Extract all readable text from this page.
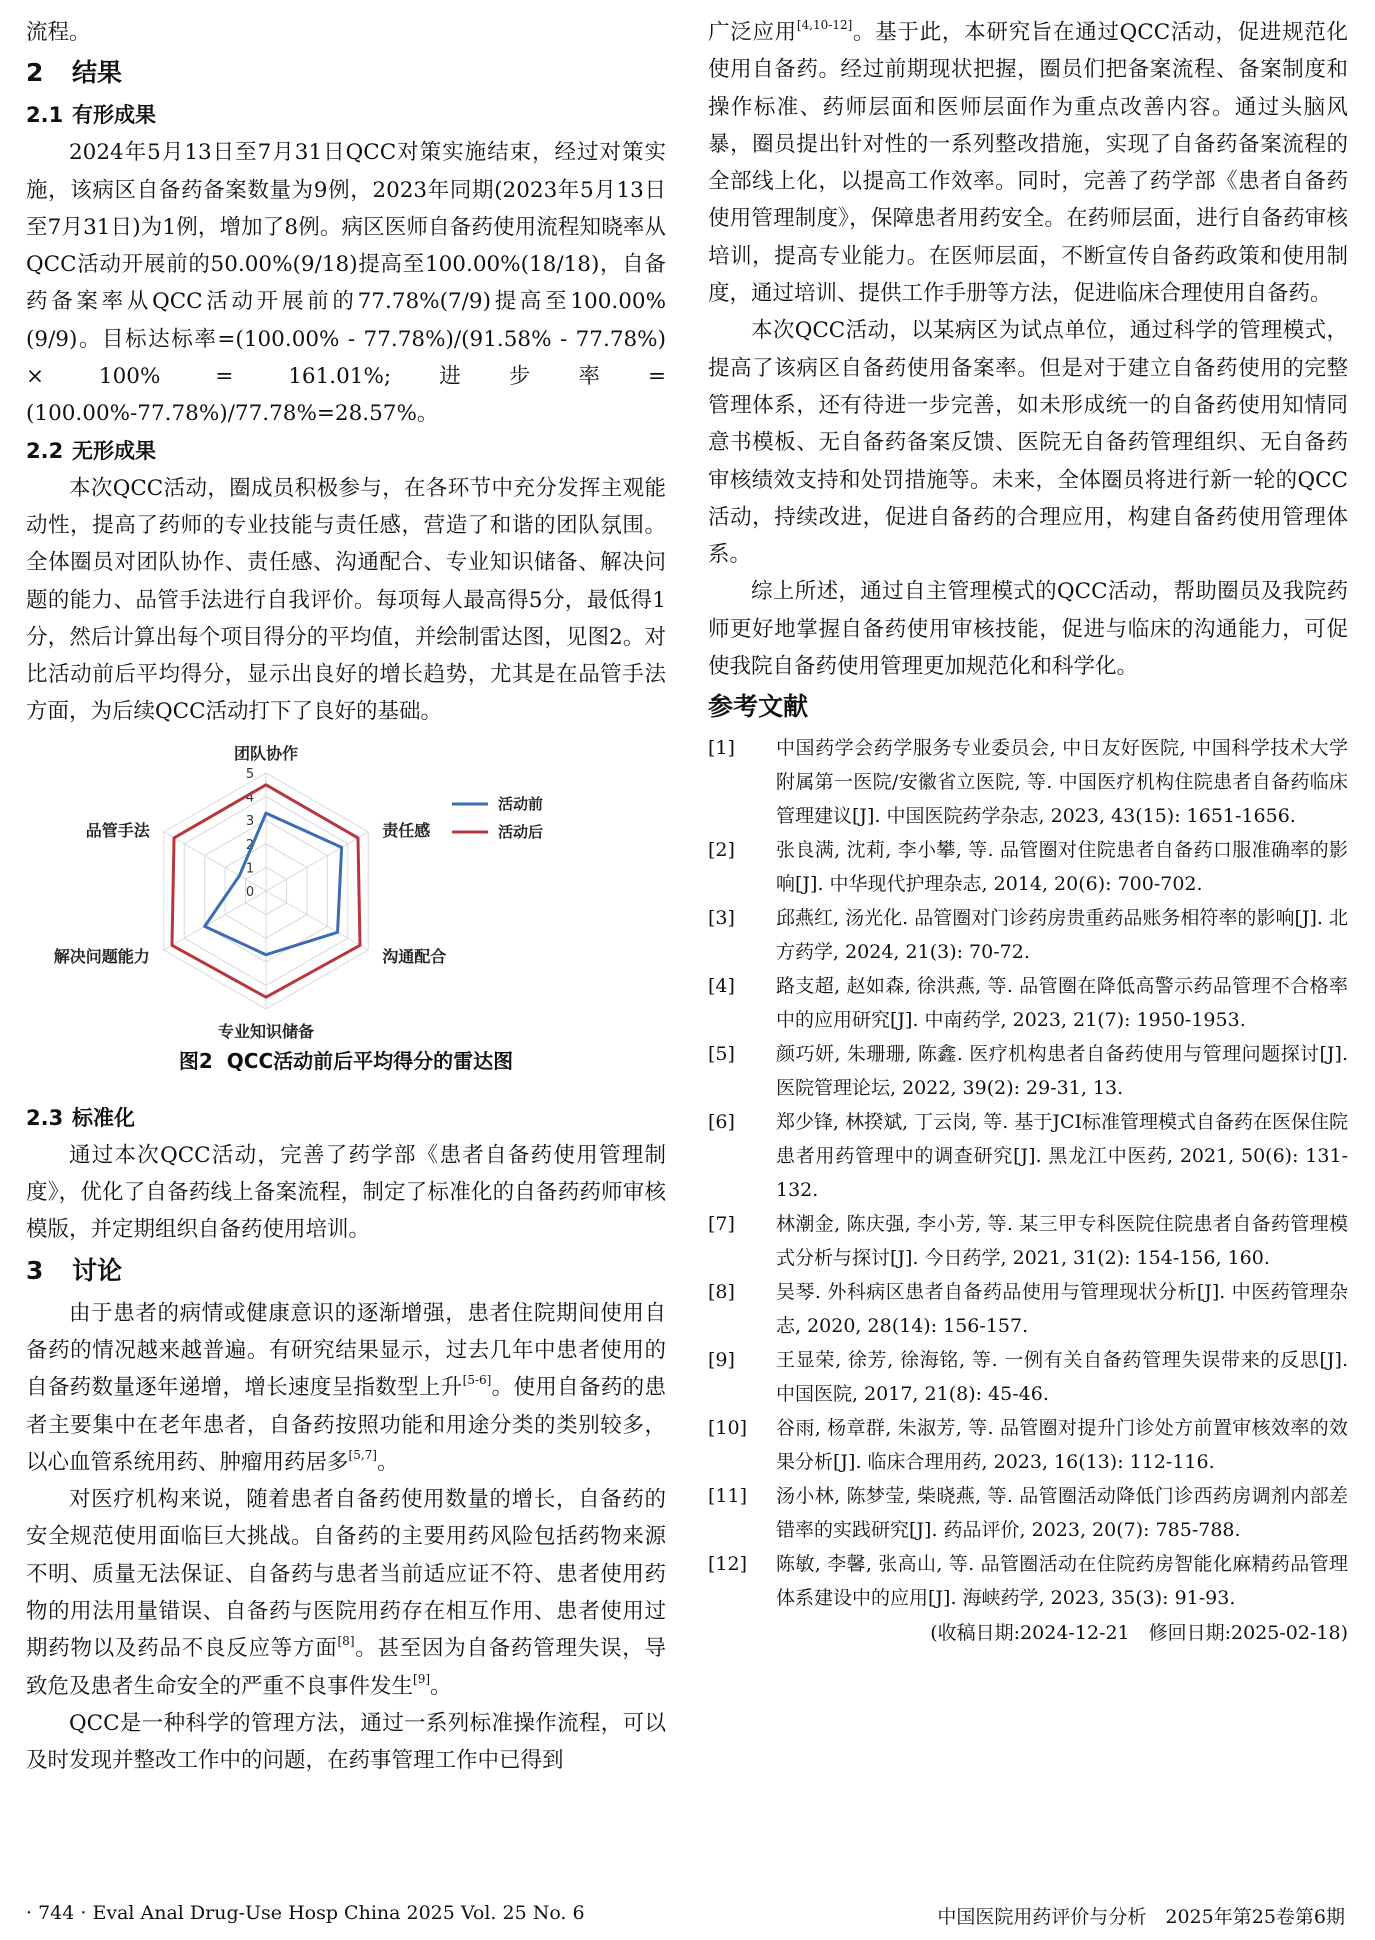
流程。

2 结果
2.1 有形成果

2024年5月13日至7月31日QCC对策实施结束，经过对策实施，该病区自备药备案数量为9例，2023年同期(2023年5月13日至7月31日)为1例，增加了8例。病区医师自备药使用流程知晓率从QCC活动开展前的50.00%(9/18)提高至100.00%(18/18)，自备药备案率从QCC活动开展前的77.78%(7/9)提高至100.00%(9/9)。目标达标率=(100.00% - 77.78%)/(91.58% - 77.78%) × 100% = 161.01%;进步率=(100.00%-77.78%)/77.78%=28.57%。

2.2 无形成果

本次QCC活动，圈成员积极参与，在各环节中充分发挥主观能动性，提高了药师的专业技能与责任感，营造了和谐的团队氛围。全体圈员对团队协作、责任感、沟通配合、专业知识储备、解决问题的能力、品管手法进行自我评价。每项每人最高得5分，最低得1分，然后计算出每个项目得分的平均值，并绘制雷达图，见图2。对比活动前后平均得分，显示出良好的增长趋势，尤其是在品管手法方面，为后续QCC活动打下了良好的基础。

0
1
2
3
4
5
团队协作
责任感
沟通配合
专业知识储备
解决问题能力
品管手法
活动前
活动后
图2 QCC活动前后平均得分的雷达图
2.3 标准化

通过本次QCC活动，完善了药学部《患者自备药使用管理制度》，优化了自备药线上备案流程，制定了标准化的自备药药师审核模版，并定期组织自备药使用培训。

3 讨论

由于患者的病情或健康意识的逐渐增强，患者住院期间使用自备药的情况越来越普遍。有研究结果显示，过去几年中患者使用的自备药数量逐年递增，增长速度呈指数型上升[5-6]。使用自备药的患者主要集中在老年患者，自备药按照功能和用途分类的类别较多，以心血管系统用药、肿瘤用药居多[5,7]。

对医疗机构来说，随着患者自备药使用数量的增长，自备药的安全规范使用面临巨大挑战。自备药的主要用药风险包括药物来源不明、质量无法保证、自备药与患者当前适应证不符、患者使用药物的用法用量错误、自备药与医院用药存在相互作用、患者使用过期药物以及药品不良反应等方面[8]。甚至因为自备药管理失误，导致危及患者生命安全的严重不良事件发生[9]。

QCC是一种科学的管理方法，通过一系列标准操作流程，可以及时发现并整改工作中的问题，在药事管理工作中已得到

广泛应用[4,10-12]。基于此，本研究旨在通过QCC活动，促进规范化使用自备药。经过前期现状把握，圈员们把备案流程、备案制度和操作标准、药师层面和医师层面作为重点改善内容。通过头脑风暴，圈员提出针对性的一系列整改措施，实现了自备药备案流程的全部线上化，以提高工作效率。同时，完善了药学部《患者自备药使用管理制度》，保障患者用药安全。在药师层面，进行自备药审核培训，提高专业能力。在医师层面，不断宣传自备药政策和使用制度，通过培训、提供工作手册等方法，促进临床合理使用自备药。

本次QCC活动，以某病区为试点单位，通过科学的管理模式，提高了该病区自备药使用备案率。但是对于建立自备药使用的完整管理体系，还有待进一步完善，如未形成统一的自备药使用知情同意书模板、无自备药备案反馈、医院无自备药管理组织、无自备药审核绩效支持和处罚措施等。未来，全体圈员将进行新一轮的QCC活动，持续改进，促进自备药的合理应用，构建自备药使用管理体系。

综上所述，通过自主管理模式的QCC活动，帮助圈员及我院药师更好地掌握自备药使用审核技能，促进与临床的沟通能力，可促使我院自备药使用管理更加规范化和科学化。

参考文献
[1]	中国药学会药学服务专业委员会, 中日友好医院, 中国科学技术大学附属第一医院/安徽省立医院, 等. 中国医疗机构住院患者自备药临床管理建议[J]. 中国医院药学杂志, 2023, 43(15): 1651-1656.
[2]	张良满, 沈莉, 李小攀, 等. 品管圈对住院患者自备药口服准确率的影响[J]. 中华现代护理杂志, 2014, 20(6): 700-702.
[3]	邱燕红, 汤光化. 品管圈对门诊药房贵重药品账务相符率的影响[J]. 北方药学, 2024, 21(3): 70-72.
[4]	路支超, 赵如森, 徐洪燕, 等. 品管圈在降低高警示药品管理不合格率中的应用研究[J]. 中南药学, 2023, 21(7): 1950-1953.
[5]	颜巧妍, 朱珊珊, 陈鑫. 医疗机构患者自备药使用与管理问题探讨[J]. 医院管理论坛, 2022, 39(2): 29-31, 13.
[6]	郑少锋, 林揆斌, 丁云岗, 等. 基于JCI标准管理模式自备药在医保住院患者用药管理中的调查研究[J]. 黑龙江中医药, 2021, 50(6): 131-132.
[7]	林潮金, 陈庆强, 李小芳, 等. 某三甲专科医院住院患者自备药管理模式分析与探讨[J]. 今日药学, 2021, 31(2): 154-156, 160.
[8]	吴琴. 外科病区患者自备药品使用与管理现状分析[J]. 中医药管理杂志, 2020, 28(14): 156-157.
[9]	王显荣, 徐芳, 徐海铭, 等. 一例有关自备药管理失误带来的反思[J]. 中国医院, 2017, 21(8): 45-46.
[10]	谷雨, 杨章群, 朱淑芳, 等. 品管圈对提升门诊处方前置审核效率的效果分析[J]. 临床合理用药, 2023, 16(13): 112-116.
[11]	汤小林, 陈梦莹, 柴晓燕, 等. 品管圈活动降低门诊西药房调剂内部差错率的实践研究[J]. 药品评价, 2023, 20(7): 785-788.
[12]	陈敏, 李馨, 张高山, 等. 品管圈活动在住院药房智能化麻精药品管理体系建设中的应用[J]. 海峡药学, 2023, 35(3): 91-93.
(收稿日期:2024-12-21　修回日期:2025-02-18)
· 744 · Eval Anal Drug-Use Hosp China 2025 Vol. 25 No. 6	中国医院用药评价与分析　2025年第25卷第6期
